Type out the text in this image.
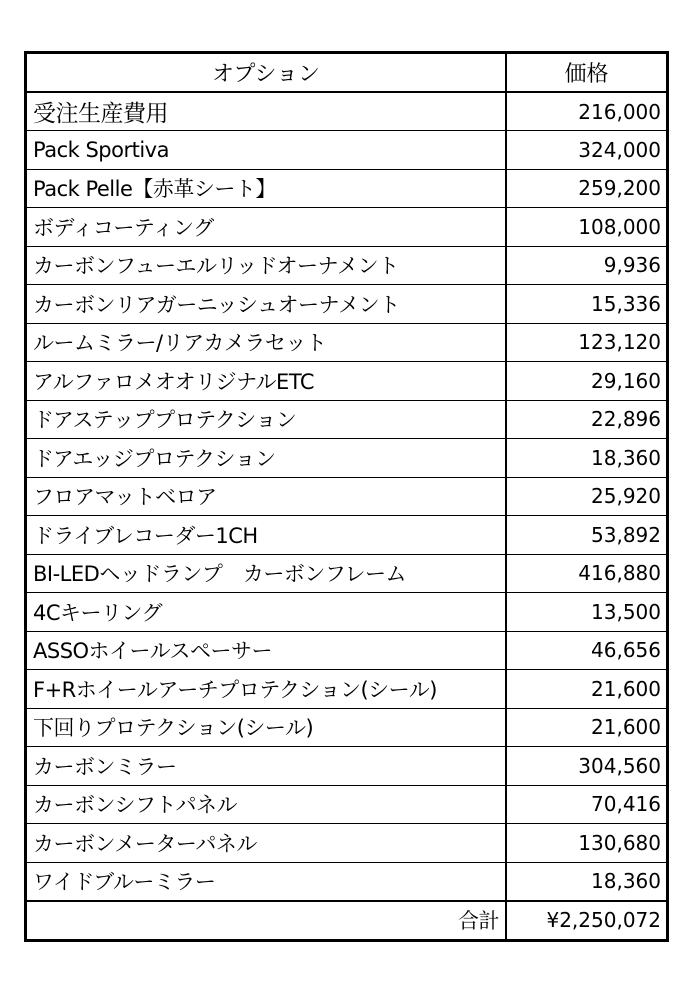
オプション	価格
受注生産費用	216,000
Pack Sportiva	324,000
Pack Pelle【赤革シート】	259,200
ボディコーティング	108,000
カーボンフューエルリッドオーナメント	9,936
カーボンリアガーニッシュオーナメント	15,336
ルームミラー/リアカメラセット	123,120
アルファロメオオリジナルETC	29,160
ドアステッププロテクション	22,896
ドアエッジプロテクション	18,360
フロアマットベロア	25,920
ドライブレコーダー1CH	53,892
BI-LEDヘッドランプ　カーボンフレーム	416,880
4Cキーリング	13,500
ASSOホイールスペーサー	46,656
F+Rホイールアーチプロテクション(シール)	21,600
下回りプロテクション(シール)	21,600
カーボンミラー	304,560
カーボンシフトパネル	70,416
カーボンメーターパネル	130,680
ワイドブルーミラー	18,360
合計	¥2,250,072
